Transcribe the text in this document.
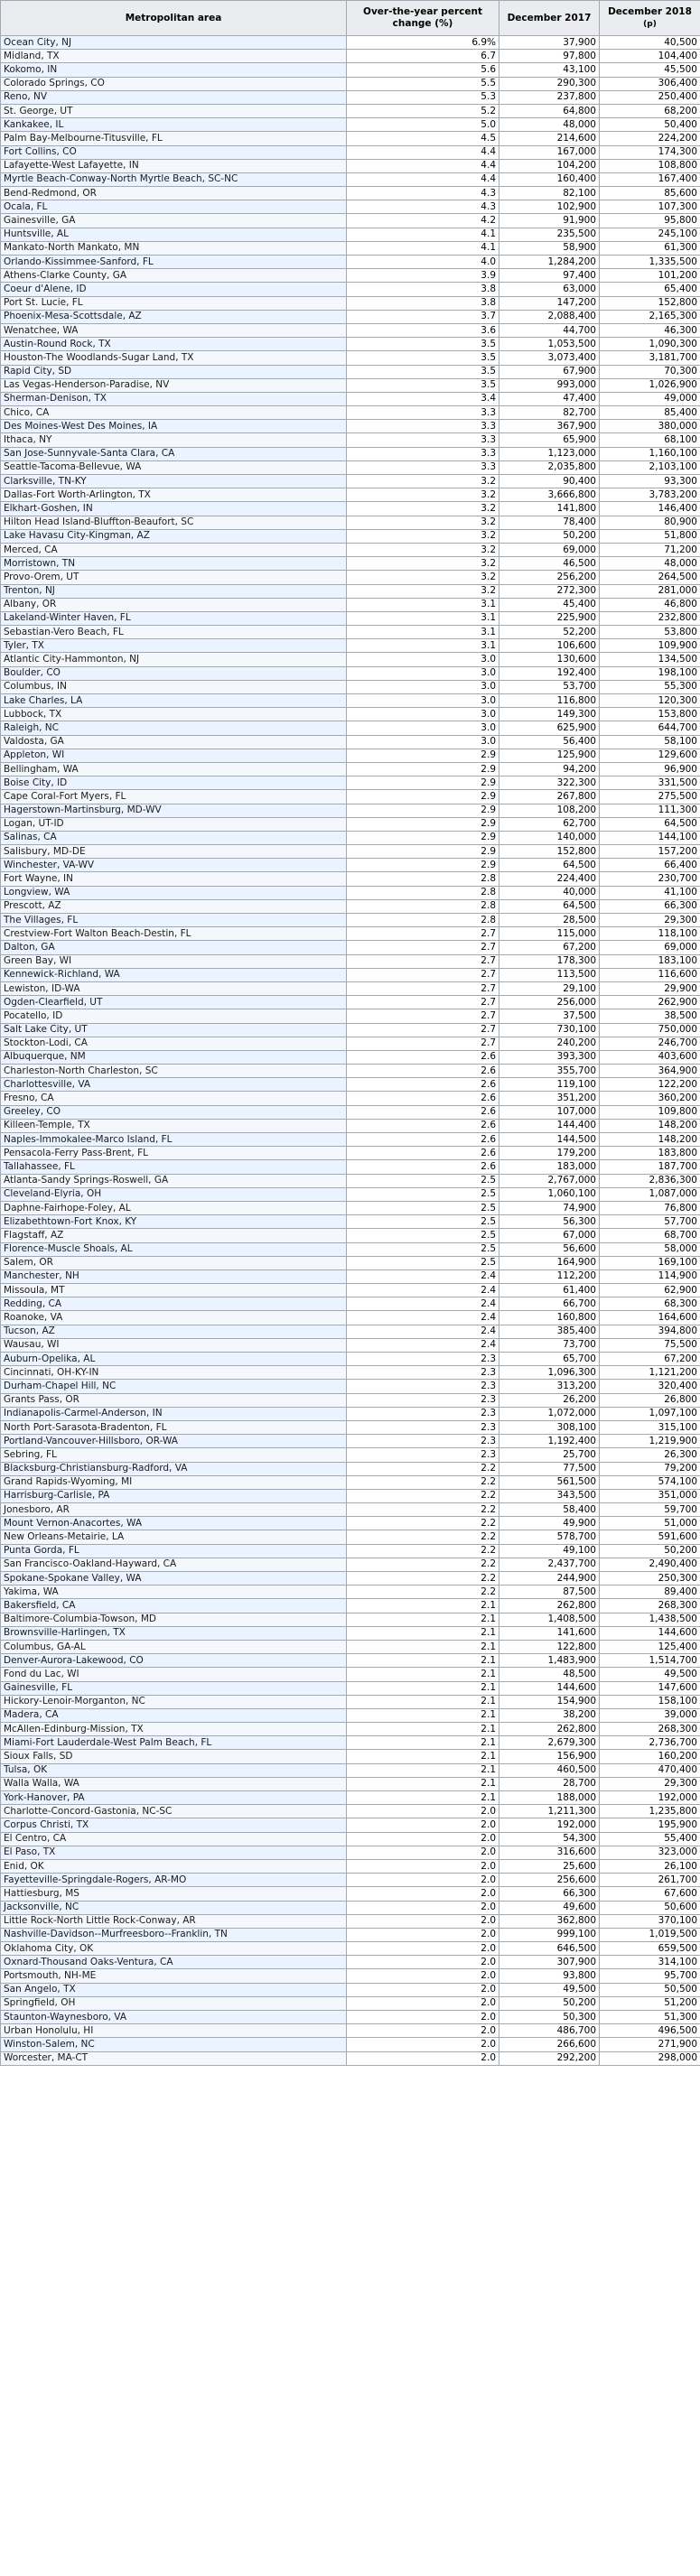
Metropolitan area	Over-the-year percent change (%)	December 2017	December 2018
(p)
Ocean City, NJ	6.9%	37,900	40,500
Midland, TX	6.7	97,800	104,400
Kokomo, IN	5.6	43,100	45,500
Colorado Springs, CO	5.5	290,300	306,400
Reno, NV	5.3	237,800	250,400
St. George, UT	5.2	64,800	68,200
Kankakee, IL	5.0	48,000	50,400
Palm Bay-Melbourne-Titusville, FL	4.5	214,600	224,200
Fort Collins, CO	4.4	167,000	174,300
Lafayette-West Lafayette, IN	4.4	104,200	108,800
Myrtle Beach-Conway-North Myrtle Beach, SC-NC	4.4	160,400	167,400
Bend-Redmond, OR	4.3	82,100	85,600
Ocala, FL	4.3	102,900	107,300
Gainesville, GA	4.2	91,900	95,800
Huntsville, AL	4.1	235,500	245,100
Mankato-North Mankato, MN	4.1	58,900	61,300
Orlando-Kissimmee-Sanford, FL	4.0	1,284,200	1,335,500
Athens-Clarke County, GA	3.9	97,400	101,200
Coeur d'Alene, ID	3.8	63,000	65,400
Port St. Lucie, FL	3.8	147,200	152,800
Phoenix-Mesa-Scottsdale, AZ	3.7	2,088,400	2,165,300
Wenatchee, WA	3.6	44,700	46,300
Austin-Round Rock, TX	3.5	1,053,500	1,090,300
Houston-The Woodlands-Sugar Land, TX	3.5	3,073,400	3,181,700
Rapid City, SD	3.5	67,900	70,300
Las Vegas-Henderson-Paradise, NV	3.5	993,000	1,026,900
Sherman-Denison, TX	3.4	47,400	49,000
Chico, CA	3.3	82,700	85,400
Des Moines-West Des Moines, IA	3.3	367,900	380,000
Ithaca, NY	3.3	65,900	68,100
San Jose-Sunnyvale-Santa Clara, CA	3.3	1,123,000	1,160,100
Seattle-Tacoma-Bellevue, WA	3.3	2,035,800	2,103,100
Clarksville, TN-KY	3.2	90,400	93,300
Dallas-Fort Worth-Arlington, TX	3.2	3,666,800	3,783,200
Elkhart-Goshen, IN	3.2	141,800	146,400
Hilton Head Island-Bluffton-Beaufort, SC	3.2	78,400	80,900
Lake Havasu City-Kingman, AZ	3.2	50,200	51,800
Merced, CA	3.2	69,000	71,200
Morristown, TN	3.2	46,500	48,000
Provo-Orem, UT	3.2	256,200	264,500
Trenton, NJ	3.2	272,300	281,000
Albany, OR	3.1	45,400	46,800
Lakeland-Winter Haven, FL	3.1	225,900	232,800
Sebastian-Vero Beach, FL	3.1	52,200	53,800
Tyler, TX	3.1	106,600	109,900
Atlantic City-Hammonton, NJ	3.0	130,600	134,500
Boulder, CO	3.0	192,400	198,100
Columbus, IN	3.0	53,700	55,300
Lake Charles, LA	3.0	116,800	120,300
Lubbock, TX	3.0	149,300	153,800
Raleigh, NC	3.0	625,900	644,700
Valdosta, GA	3.0	56,400	58,100
Appleton, WI	2.9	125,900	129,600
Bellingham, WA	2.9	94,200	96,900
Boise City, ID	2.9	322,300	331,500
Cape Coral-Fort Myers, FL	2.9	267,800	275,500
Hagerstown-Martinsburg, MD-WV	2.9	108,200	111,300
Logan, UT-ID	2.9	62,700	64,500
Salinas, CA	2.9	140,000	144,100
Salisbury, MD-DE	2.9	152,800	157,200
Winchester, VA-WV	2.9	64,500	66,400
Fort Wayne, IN	2.8	224,400	230,700
Longview, WA	2.8	40,000	41,100
Prescott, AZ	2.8	64,500	66,300
The Villages, FL	2.8	28,500	29,300
Crestview-Fort Walton Beach-Destin, FL	2.7	115,000	118,100
Dalton, GA	2.7	67,200	69,000
Green Bay, WI	2.7	178,300	183,100
Kennewick-Richland, WA	2.7	113,500	116,600
Lewiston, ID-WA	2.7	29,100	29,900
Ogden-Clearfield, UT	2.7	256,000	262,900
Pocatello, ID	2.7	37,500	38,500
Salt Lake City, UT	2.7	730,100	750,000
Stockton-Lodi, CA	2.7	240,200	246,700
Albuquerque, NM	2.6	393,300	403,600
Charleston-North Charleston, SC	2.6	355,700	364,900
Charlottesville, VA	2.6	119,100	122,200
Fresno, CA	2.6	351,200	360,200
Greeley, CO	2.6	107,000	109,800
Killeen-Temple, TX	2.6	144,400	148,200
Naples-Immokalee-Marco Island, FL	2.6	144,500	148,200
Pensacola-Ferry Pass-Brent, FL	2.6	179,200	183,800
Tallahassee, FL	2.6	183,000	187,700
Atlanta-Sandy Springs-Roswell, GA	2.5	2,767,000	2,836,300
Cleveland-Elyria, OH	2.5	1,060,100	1,087,000
Daphne-Fairhope-Foley, AL	2.5	74,900	76,800
Elizabethtown-Fort Knox, KY	2.5	56,300	57,700
Flagstaff, AZ	2.5	67,000	68,700
Florence-Muscle Shoals, AL	2.5	56,600	58,000
Salem, OR	2.5	164,900	169,100
Manchester, NH	2.4	112,200	114,900
Missoula, MT	2.4	61,400	62,900
Redding, CA	2.4	66,700	68,300
Roanoke, VA	2.4	160,800	164,600
Tucson, AZ	2.4	385,400	394,800
Wausau, WI	2.4	73,700	75,500
Auburn-Opelika, AL	2.3	65,700	67,200
Cincinnati, OH-KY-IN	2.3	1,096,300	1,121,200
Durham-Chapel Hill, NC	2.3	313,200	320,400
Grants Pass, OR	2.3	26,200	26,800
Indianapolis-Carmel-Anderson, IN	2.3	1,072,000	1,097,100
North Port-Sarasota-Bradenton, FL	2.3	308,100	315,100
Portland-Vancouver-Hillsboro, OR-WA	2.3	1,192,400	1,219,900
Sebring, FL	2.3	25,700	26,300
Blacksburg-Christiansburg-Radford, VA	2.2	77,500	79,200
Grand Rapids-Wyoming, MI	2.2	561,500	574,100
Harrisburg-Carlisle, PA	2.2	343,500	351,000
Jonesboro, AR	2.2	58,400	59,700
Mount Vernon-Anacortes, WA	2.2	49,900	51,000
New Orleans-Metairie, LA	2.2	578,700	591,600
Punta Gorda, FL	2.2	49,100	50,200
San Francisco-Oakland-Hayward, CA	2.2	2,437,700	2,490,400
Spokane-Spokane Valley, WA	2.2	244,900	250,300
Yakima, WA	2.2	87,500	89,400
Bakersfield, CA	2.1	262,800	268,300
Baltimore-Columbia-Towson, MD	2.1	1,408,500	1,438,500
Brownsville-Harlingen, TX	2.1	141,600	144,600
Columbus, GA-AL	2.1	122,800	125,400
Denver-Aurora-Lakewood, CO	2.1	1,483,900	1,514,700
Fond du Lac, WI	2.1	48,500	49,500
Gainesville, FL	2.1	144,600	147,600
Hickory-Lenoir-Morganton, NC	2.1	154,900	158,100
Madera, CA	2.1	38,200	39,000
McAllen-Edinburg-Mission, TX	2.1	262,800	268,300
Miami-Fort Lauderdale-West Palm Beach, FL	2.1	2,679,300	2,736,700
Sioux Falls, SD	2.1	156,900	160,200
Tulsa, OK	2.1	460,500	470,400
Walla Walla, WA	2.1	28,700	29,300
York-Hanover, PA	2.1	188,000	192,000
Charlotte-Concord-Gastonia, NC-SC	2.0	1,211,300	1,235,800
Corpus Christi, TX	2.0	192,000	195,900
El Centro, CA	2.0	54,300	55,400
El Paso, TX	2.0	316,600	323,000
Enid, OK	2.0	25,600	26,100
Fayetteville-Springdale-Rogers, AR-MO	2.0	256,600	261,700
Hattiesburg, MS	2.0	66,300	67,600
Jacksonville, NC	2.0	49,600	50,600
Little Rock-North Little Rock-Conway, AR	2.0	362,800	370,100
Nashville-Davidson--Murfreesboro--Franklin, TN	2.0	999,100	1,019,500
Oklahoma City, OK	2.0	646,500	659,500
Oxnard-Thousand Oaks-Ventura, CA	2.0	307,900	314,100
Portsmouth, NH-ME	2.0	93,800	95,700
San Angelo, TX	2.0	49,500	50,500
Springfield, OH	2.0	50,200	51,200
Staunton-Waynesboro, VA	2.0	50,300	51,300
Urban Honolulu, HI	2.0	486,700	496,500
Winston-Salem, NC	2.0	266,600	271,900
Worcester, MA-CT	2.0	292,200	298,000
